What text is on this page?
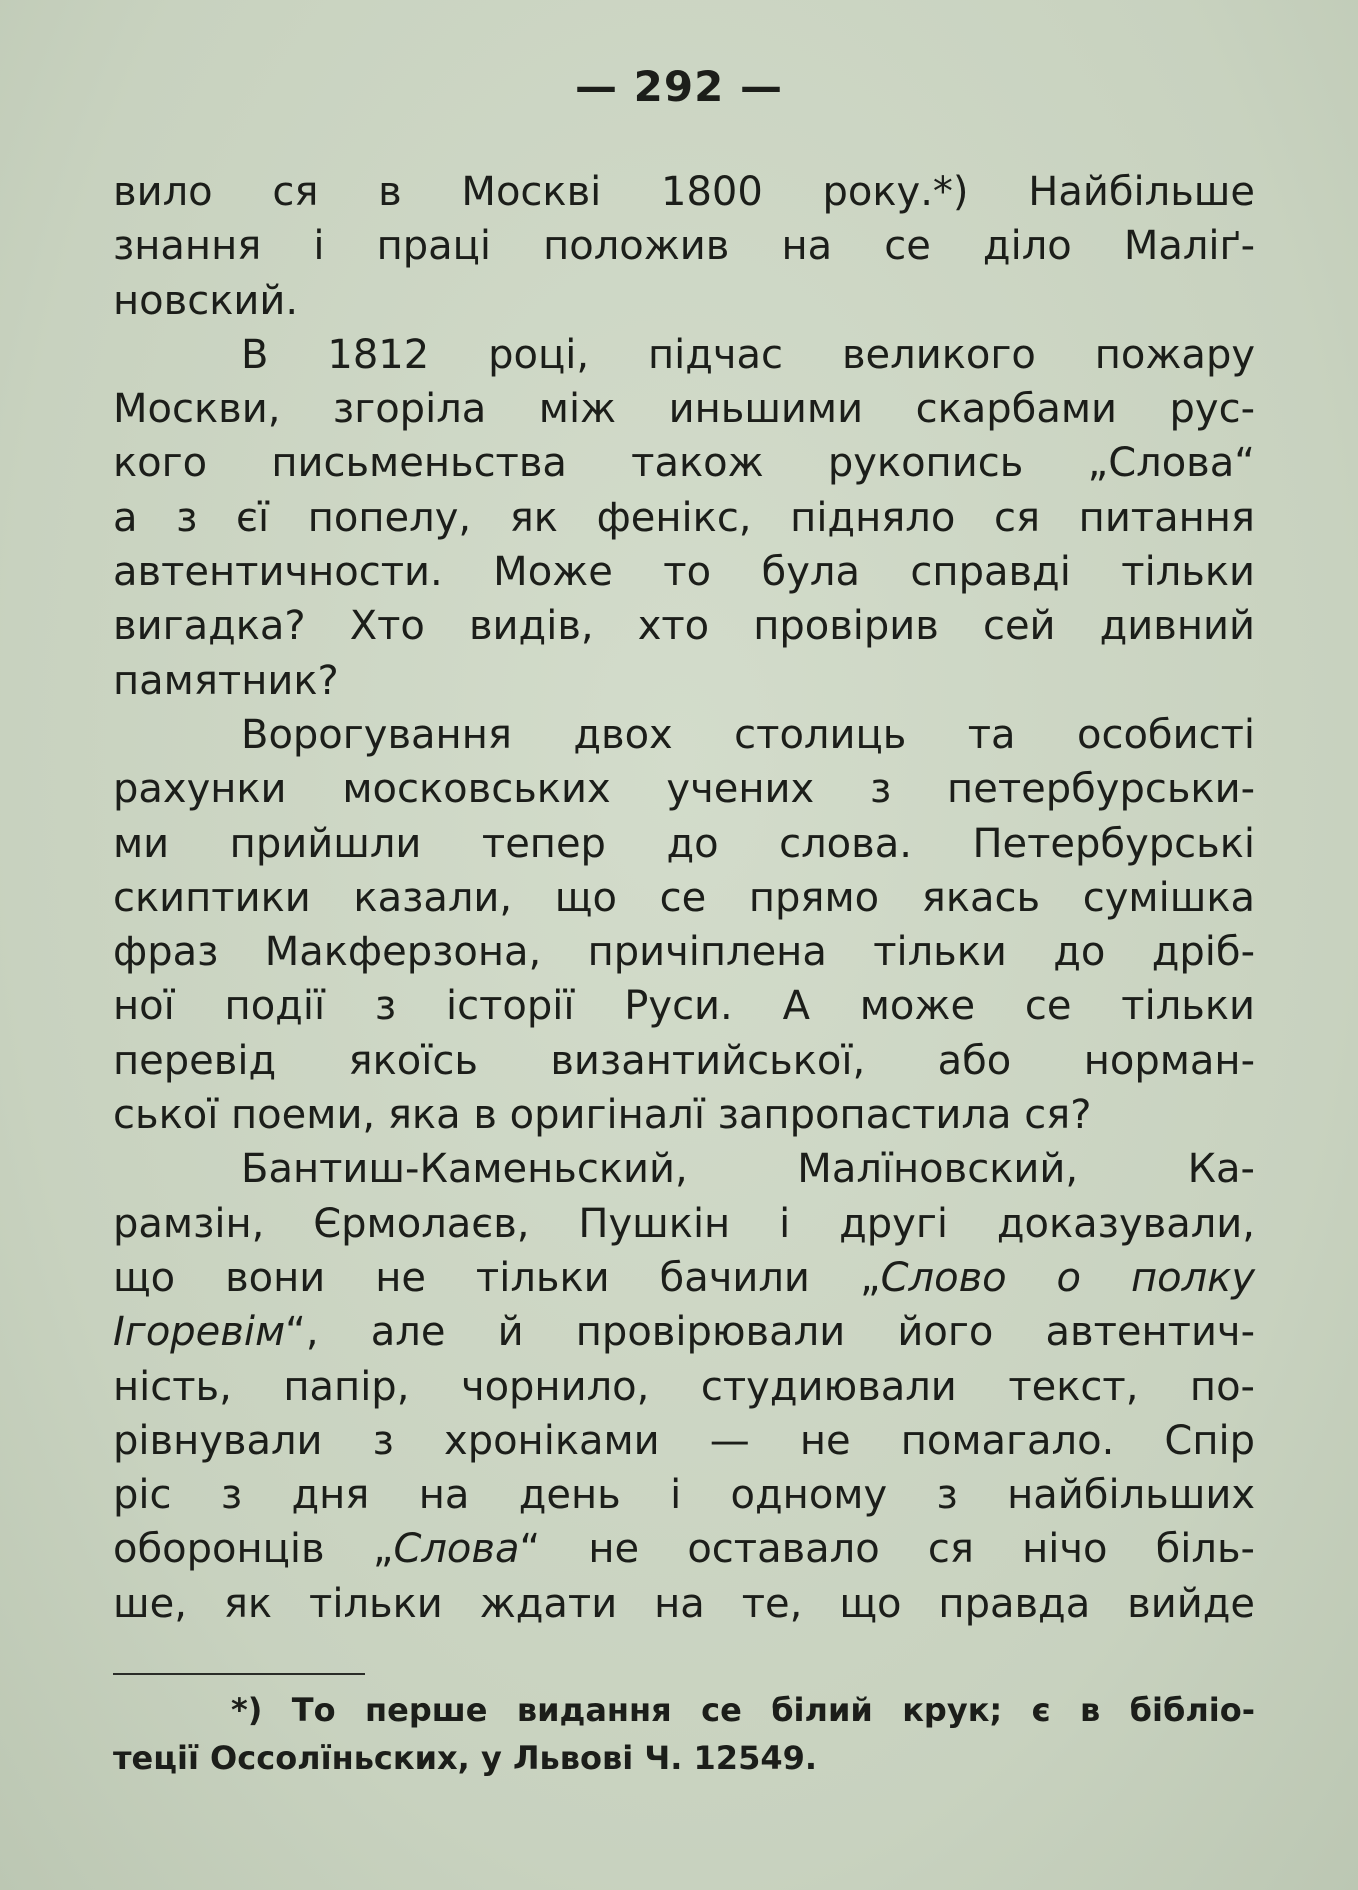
— 292 —
вило ся в Москві 1800 року.*) Найбільше
знання і праці положив на се діло Маліґ-
новский.
В 1812 році, підчас великого пожару
Москви, згоріла між иньшими скарбами рус-
кого письменьства також рукопись „Слова“
а з єї попелу, як фенікс, підняло ся питання
автентичности. Може то була справді тільки
вигадка? Хто видів, хто провірив сей дивний
памятник?
Ворогування двох столиць та особисті
рахунки московських учених з петербурськи-
ми прийшли тепер до слова. Петербурські
скиптики казали, що се прямо якась сумішка
фраз Макферзона, причіплена тільки до дріб-
ної події з історії Руси. А може се тільки
перевід якоїсь византийської, або норман-
ської поеми, яка в оригіналї запропастила ся?
Бантиш-Каменьский, Малїновский, Ка-
рамзін, Єрмолаєв, Пушкін і другі доказували,
що вони не тільки бачили „Слово о полку
Ігоревім“, але й провірювали його автентич-
ність, папір, чорнило, студиювали текст, по-
рівнували з хроніками — не помагало. Спір
ріс з дня на день і одному з найбільших
оборонців „Слова“ не оставало ся нічо біль-
ше, як тільки ждати на те, що правда вийде
*) То перше видання се білий крук; є в бібліо-
теції Оссолїньских, у Львові Ч. 12549.
